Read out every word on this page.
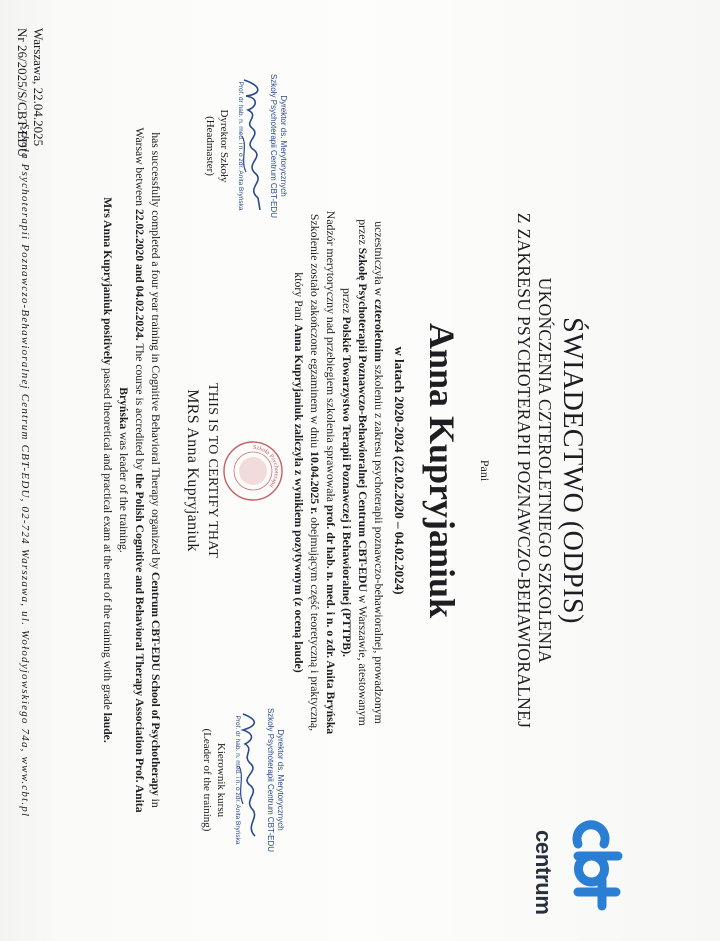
Warszawa, 22.04.2025
Nr 26/2025/S/CBT-EDU
centrum
ŚWIADECTWO (ODPIS)
UKOŃCZENIA CZTEROLETNIEGO SZKOLENIA
Z ZAKRESU PSYCHOTERAPII POZNAWCZO-BEHAWIORALNEJ
Pani
Anna Kupryjaniuk
w latach 2020-2024 (22.02.2020 – 04.02.2024)
uczestniczyła w czteroletnim szkoleniu z zakresu psychoterapii poznawczo-behawioralnej, prowadzonym przez Szkołę Psychoterapii Poznawczo-Behawioralnej Centrum CBT-EDU w Warszawie, atestowanym przez Polskie Towarzystwo Terapii Poznawczej i Behawioralnej (PTTPB).
Nadzór merytoryczny nad przebiegiem szkolenia sprawowała prof. dr hab. n. med. i n. o zdr. Anita Bryńska
Szkolenie zostało zakończone egzaminem w dniu 10.04.2025 r. obejmującym część teoretyczną i praktyczną,
który Pani Anna Kupryjaniuk zaliczyła z wynikiem pozytywnym (z oceną laude)
Dyrektor ds. Merytorycznych
Szkoły Psychoterapii Centrum CBT-EDU
Prof. dr hab. n. med. i n. o zdr. Anita Bryńska
Dyrektor Szkoły
(Headmaster)
Szkoła Psychoterapii
Dyrektor ds. Merytorycznych
Szkoły Psychoterapii Centrum CBT-EDU
Prof. dr hab. n. med. i n. o zdr. Anita Bryńska
Kierownik kursu
(Leader of the training)
THIS IS TO CERTIFY THAT
MRS Anna Kupryjaniuk
has successfully completed a four year training in Cognitive Behavioral Therapy organized by Centrum CBT-EDU School of Psychotherapy in Warsaw between 22.02.2020 and 04.02.2024. The course is accredited by the Polish Cognitive and Behavioral Therapy Association Prof. Anita Bryńska was leader of the training.
Mrs Anna Kupryjaniuk positively passed theoretical and practical exam at the end of the training with grade laude.
Szkoła Psychoterapii Poznawczo-Behawioralnej Centrum CBT-EDU, 02-724 Warszawa, ul. Wołodyjowskiego 74a, www.cbt.pl
